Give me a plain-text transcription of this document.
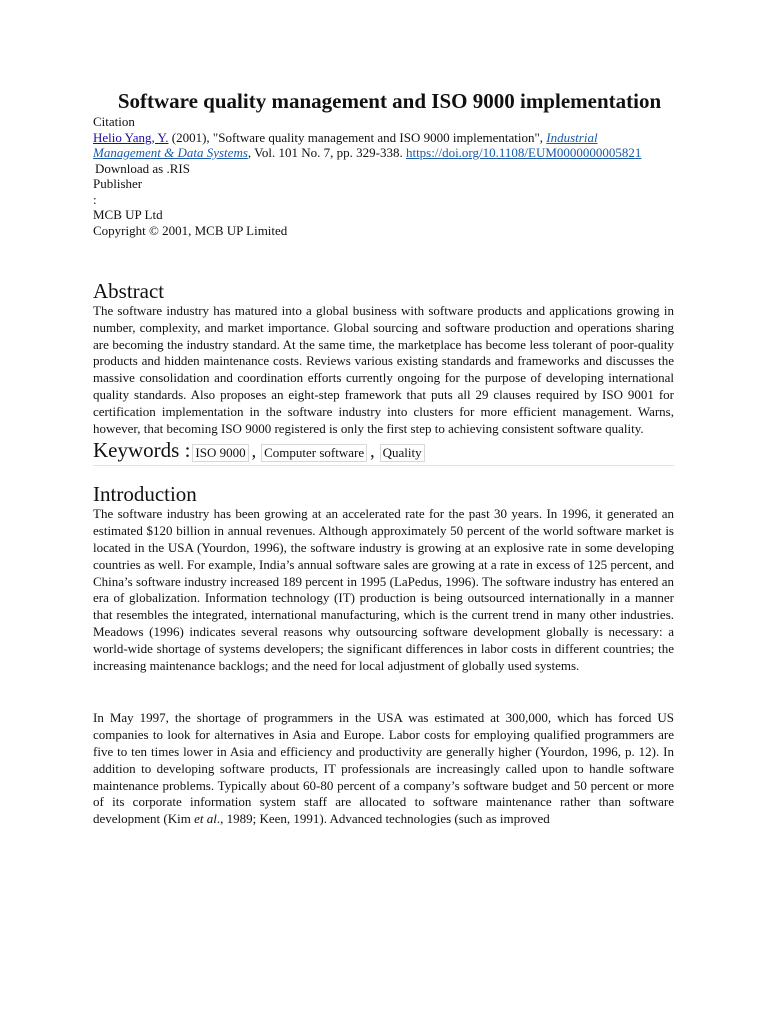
Software quality management and ISO 9000 implementation
Citation
Helio Yang, Y. (2001), "Software quality management and ISO 9000 implementation", Industrial Management & Data Systems, Vol. 101 No. 7, pp. 329-338. https://doi.org/10.1108/EUM0000000005821
Download as .RIS
Publisher
:
MCB UP Ltd
Copyright © 2001, MCB UP Limited
Abstract

The software industry has matured into a global business with software products and applications growing in number, complexity, and market importance. Global sourcing and software production and operations sharing are becoming the industry standard. At the same time, the marketplace has become less tolerant of poor-quality products and hidden maintenance costs. Reviews various existing standards and frameworks and discusses the massive consolidation and coordination efforts currently ongoing for the purpose of developing international quality standards. Also proposes an eight-step framework that puts all 29 clauses required by ISO 9001 for certification implementation in the software industry into clusters for more efficient management. Warns, however, that becoming ISO 9000 registered is only the first step to achieving consistent software quality.

Keywords : ISO 9000 , Computer software , Quality
Introduction

The software industry has been growing at an accelerated rate for the past 30 years. In 1996, it generated an estimated $120 billion in annual revenues. Although approximately 50 percent of the world software market is located in the USA (Yourdon, 1996), the software industry is growing at an explosive rate in some developing countries as well. For example, India’s annual software sales are growing at a rate in excess of 125 percent, and China’s software industry increased 189 percent in 1995 (LaPedus, 1996). The software industry has entered an era of globalization. Information technology (IT) production is being outsourced internationally in a manner that resembles the integrated, international manufacturing, which is the current trend in many other industries. Meadows (1996) indicates several reasons why outsourcing software development globally is necessary: a world-wide shortage of systems developers; the significant differences in labor costs in different countries; the increasing maintenance backlogs; and the need for local adjustment of globally used systems.

In May 1997, the shortage of programmers in the USA was estimated at 300,000, which has forced US companies to look for alternatives in Asia and Europe. Labor costs for employing qualified programmers are five to ten times lower in Asia and efficiency and productivity are generally higher (Yourdon, 1996, p. 12). In addition to developing software products, IT professionals are increasingly called upon to handle software maintenance problems. Typically about 60-80 percent of a company’s software budget and 50 percent or more of its corporate information system staff are allocated to software maintenance rather than software development (Kim et al., 1989; Keen, 1991). Advanced technologies (such as improved
